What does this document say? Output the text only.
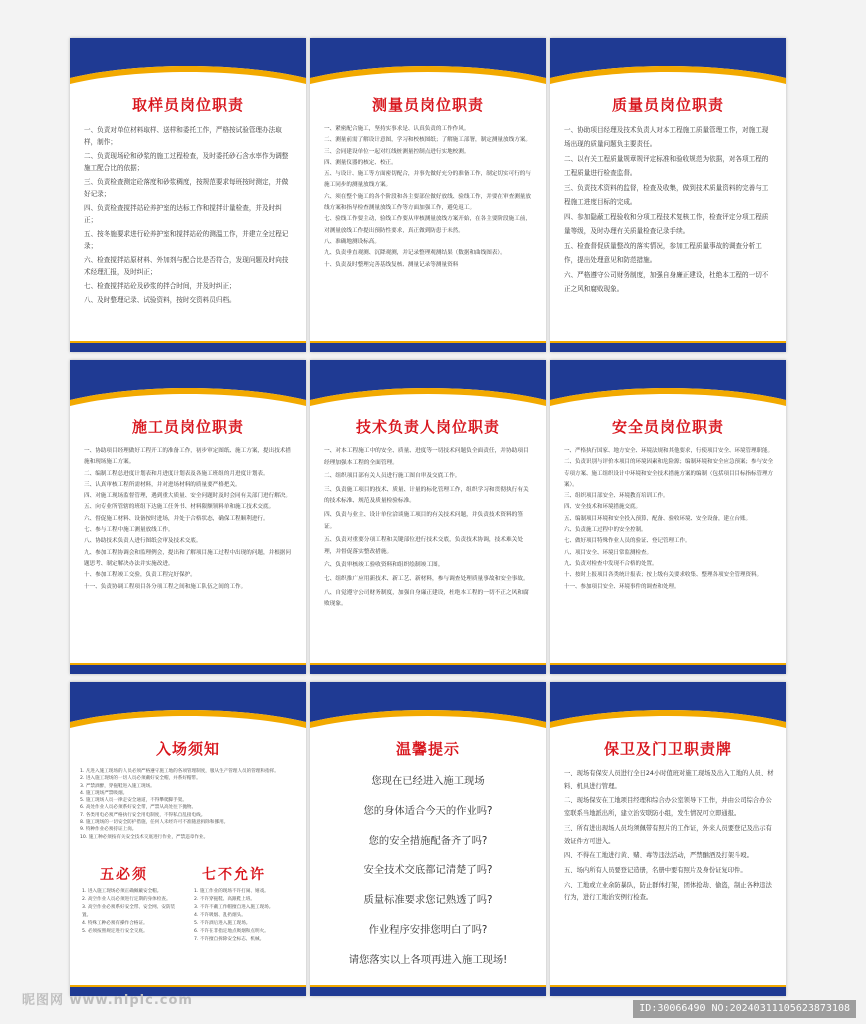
取样员岗位职责
一、负责对单位材料取样、送样和委托工作，严格按试验管理办法取样，制作；
二、负责现场砼和砂浆的施工过程检查，及时委托砂石含水率作为调整施工配合比的依据；
三、负责检查测定砼落度和砂浆稠度，按规范要求每班按时测定，并做好记录；
四、负责检查搅拌站砼养护室的达标工作和搅拌计量检查，并及时纠正；
五、按冬施要求进行砼养护室和搅拌站砼的测温工作，并建立全过程记录；
六、检查搅拌站原材料、外加剂与配合比是否符合，发现问题及时向技术经理汇报，及时纠正；
七、检查搅拌站砼及砂浆的拌合时间，并及时纠正；
八、及时整理记录、试验资料，按时交资料员归档。
测量员岗位职责
一、紧密配合施工，坚持实事求是、认真负责的工作作风。
二、测量前需了解设计意图，学习和校核图纸；了解施工部署，制定测量放线方案。
三、会同建设单位一起对红线桩测量控制点进行实地校测。
四、测量仪器的核定、校正。
五、与设计、施工等方面密切配合，并事先做好充分的准备工作，制定切实可行的与施工同步的测量放线方案。
六、须在整个施工的各个阶段和各主要部位做好放线、验线工作，并要在审查测量放线方案和指导检查测量放线工作等方面加强工作，避免返工。
七、验线工作要主动，验线工作要从审核测量放线方案开始，在各主要阶段施工前，对测量放线工作提出预防性要求，真正做到防患于未然。
八、准确地测设标高。
九、负责垂直观测、沉降观测，并记录整理观测结果（数据和曲线图表）。
十、负责及时整理完善基线复核、测量记录等测量资料
质量员岗位职责
一、协助项目经理及技术负责人对本工程施工质量管理工作，对施工现场出现的质量问题负主要责任。
二、以有关工程质量规章规评定标准和验收规范为依据，对各项工程的工程质量进行检查监督。
三、负责技术资料的监督，检查及收集，做到技术质量资料的完善与工程施工进度目标的完成。
四、参加隐蔽工程验收和分项工程技术复核工作，检查评定分项工程质量等级，及时办理有关质量检查记录手续。
五、检查督促质量整改的落实情况，参加工程质量事故的调查分析工作，提出处理意见和防范措施。
六、严格遵守公司财务制度，加强自身廉正建设，杜绝本工程的一切不正之风和腐败现象。
施工员岗位职责
一、协助项目经理做好工程开工的准备工作，初步审定图纸、施工方案，提出技术措施和现场施工方案。
二、编制工程总进度计划表和月进度计划表及各施工班组的月进度计划表。
三、认真审核工程所需材料，并对进场材料的质量要严格把关。
四、对施工现场监督管理，遇到重大质量、安全问题时及时会同有关部门进行解决。
五、向专业所管辖的班组下达施工任务书、材料限额领料单和施工技术交底。
六、督促施工材料、设备按时进场，并处于合格状态，确保工程顺利进行。
七、参与工程中施工测量放线工作。
八、协助技术负责人进行图纸会审及技术交底。
九、参加工程协调会和监理例会，提出和了解项目施工过程中出现的问题，并根据问题思考、制定解决办法并实施改进。
十、参加工程竣工交验，负责工程完好保护。
十一、负责协调工程项目各分项工程之间和施工队伍之间的工作。
技术负责人岗位职责
一、对本工程施工中的安全、质量、进度等一切技术问题负全面责任，并协助项目经理加强本工程的全面管理。
二、组织项目部有关人员进行施工图自审及交底工作。
三、负责施工项目的技术、质量、计量的标化管理工作，组织学习和贯彻执行有关的技术标准、规范及质量检验标准。
四、负责与业主、设计单位洽谈施工项目的有关技术问题，并负责技术资料的签证。
五、负责对重要分项工程和关键部位进行技术交底，负责技术协调，技术难关处理，并督促落实整改措施。
六、负责审核竣工验收资料和组织绘制竣工图。
七、组织推广应用新技术、新工艺、新材料，参与调查处理质量事故和安全事故。
八、自觉遵守公司财务制度，加强自身廉正建设，杜绝本工程的一切不正之风和腐败现象。
安全员岗位职责
一、严格执行国家、地方安全、环境法规和其他要求，行使项目安全、环境管理职能。
二、负责识别与评价本项目的环境因素和危险源；编制环境和安全应急预案；参与安全专项方案、施工组织设计中环境和安全技术措施方案的编制（包括项目目标指标管理方案）。
三、组织项目部安全、环境教育培训工作。
四、安全技术和环境措施交底。
五、编制项目环境和安全投入预算，配备、验收环境、安全设备，建立台账。
六、负责施工过程中的安全控制。
七、做好项目特殊作业人员的验证、登记管理工作。
八、项目安全、环境日常监测检查。
九、负责对检查中发现不合格的处置。
十、按时上报项目各类统计报表；按上级有关要求收集、整理各项安全管理资料。
十一、参加项目安全、环境事件的调查和处理。
入场须知
1. 凡进入施工现场的人员必须严格遵守施工地的各项管理制度，服从生产管理人员的管理和指挥。
2. 进入施工现场的一切人员必须戴好安全帽，并系好帽带。
3. 严禁酒醉，穿拖鞋进入施工现场。
4. 施工现场严禁吸烟。
5. 施工现场人员一律走安全通道，不得攀爬脚手架。
6. 高处作业人员必须系好安全带，严禁从高处往下抛物。
7. 各类用电必须严格执行安全用电制度，不得私自乱接电线。
8. 施工现场的一切安全防护措施，任何人未经许可不准随意拆除和挪用。
9. 特种作业必须持证上岗。
10. 施工种必须按有关安全技术交底进行作业，严禁违章作业。
五必须
1. 进入施工现场必须正确佩戴安全帽。
2. 高空作业人员必须进行定期的身体检查。
3. 高空作业必须系好安全带、安全网、安防装置。
4. 特殊工种必须有操作合格证。
5. 必须按照规定进行安全交底。
七不允许
1. 施工作业的现场不许打闹、嬉戏。
2. 不许穿拖鞋、高跟鞋上班。
3. 不许不戴工作帽擅自进入施工现场。
4. 不许吸烟、乱扔烟头。
5. 不许酒后进入施工现场。
6. 不许在非指定地点吸烟和点明火。
7. 不许擅自拆除安全标志、机械。
温馨提示
您现在已经进入施工现场
您的身体适合今天的作业吗?
您的安全措施配备齐了吗?
安全技术交底都记清楚了吗?
质量标准要求您记熟透了吗?
作业程序安排您明白了吗?
请您落实以上各项再进入施工现场!
保卫及门卫职责牌
一、现场有保安人员进行全日24小时值班对施工现场及出入工地的人员、材料、机具进行管理。
二、现场保安在工地项目经理和综合办公室领导下工作，并由公司综合办公室联系当地派出所，建立治安联防小组，发生情况可立即通报。
三、所有进出现场人员均须佩带有照片的工作证，外来人员要登记及出示有效证件方可进入。
四、不得在工地进行黄、赌、毒等违法活动，严禁酗酒及打架斗殴。
五、场内所有人员要登记造册，名册中要有照片及身份证复印件。
六、工地或立业余防暴队，防止群体打架，团体抢劫、偷盗，制止各种违法行为，进行工地治安例行检查。
昵图网 www.nipic.com
ID:30066490 NO:20240311105623873108
